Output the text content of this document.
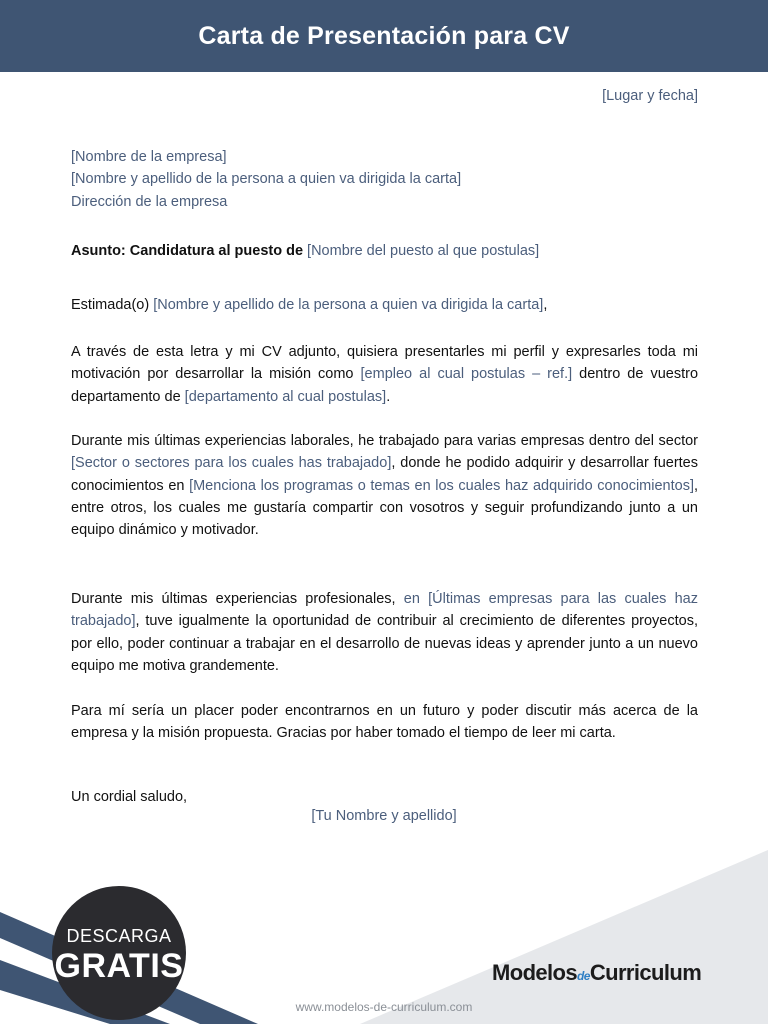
Carta de Presentación para CV
[Lugar y fecha]
[Nombre de la empresa]
[Nombre y apellido de la persona a quien va dirigida la carta]
Dirección de la empresa
Asunto: Candidatura al puesto de [Nombre del puesto al que postulas]
Estimada(o) [Nombre y apellido de la persona a quien va dirigida la carta],
A través de esta letra y mi CV adjunto, quisiera presentarles mi perfil y expresarles toda mi motivación por desarrollar la misión como [empleo al cual postulas – ref.] dentro de vuestro departamento de [departamento al cual postulas].
Durante mis últimas experiencias laborales, he trabajado para varias empresas dentro del sector [Sector o sectores para los cuales has trabajado], donde he podido adquirir y desarrollar fuertes conocimientos en [Menciona los programas o temas en los cuales haz adquirido conocimientos], entre otros, los cuales me gustaría compartir con vosotros y seguir profundizando junto a un equipo dinámico y motivador.
Durante mis últimas experiencias profesionales, en [Últimas empresas para las cuales haz trabajado], tuve igualmente la oportunidad de contribuir al crecimiento de diferentes proyectos, por ello, poder continuar a trabajar en el desarrollo de nuevas ideas y aprender junto a un nuevo equipo me motiva grandemente.
Para mí sería un placer poder encontrarnos en un futuro y poder discutir más acerca de la empresa y la misión propuesta. Gracias por haber tomado el tiempo de leer mi carta.
Un cordial saludo,
[Tu Nombre y apellido]
DESCARGA
GRATIS	ModelosdeCurriculum
www.modelos-de-curriculum.com
